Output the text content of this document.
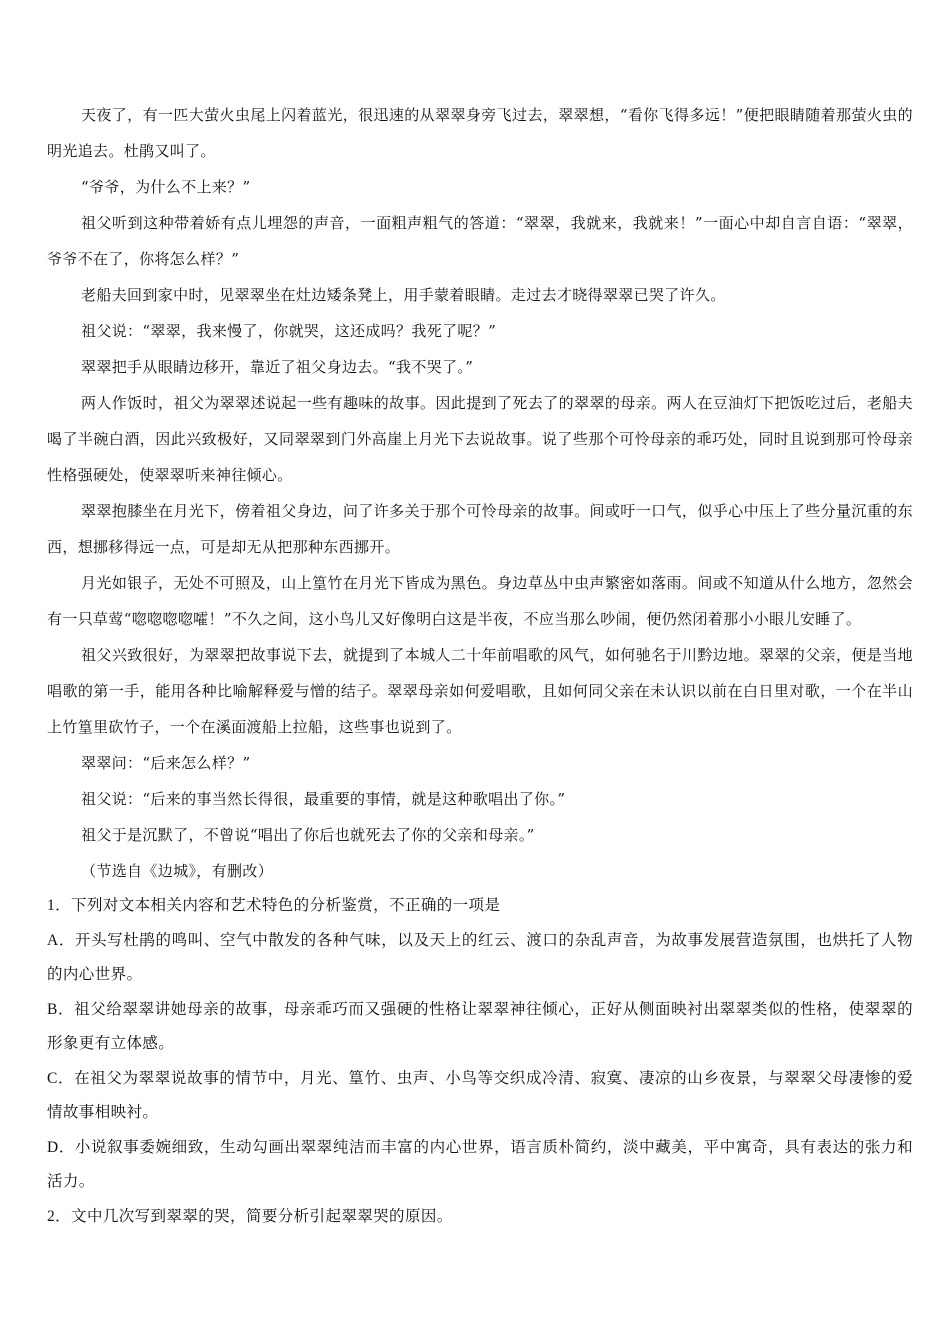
天夜了，有一匹大萤火虫尾上闪着蓝光，很迅速的从翠翠身旁飞过去，翠翠想，“看你飞得多远！”便把眼睛随着那萤火虫的明光追去。杜鹃又叫了。

“爷爷，为什么不上来？”

祖父听到这种带着娇有点儿埋怨的声音，一面粗声粗气的答道：“翠翠，我就来，我就来！”一面心中却自言自语：“翠翠，爷爷不在了，你将怎么样？”

老船夫回到家中时，见翠翠坐在灶边矮条凳上，用手蒙着眼睛。走过去才晓得翠翠已哭了许久。

祖父说：“翠翠，我来慢了，你就哭，这还成吗？我死了呢？”

翠翠把手从眼睛边移开，靠近了祖父身边去。“我不哭了。”

两人作饭时，祖父为翠翠述说起一些有趣味的故事。因此提到了死去了的翠翠的母亲。两人在豆油灯下把饭吃过后，老船夫喝了半碗白酒，因此兴致极好，又同翠翠到门外高崖上月光下去说故事。说了些那个可怜母亲的乖巧处，同时且说到那可怜母亲性格强硬处，使翠翠听来神往倾心。

翠翠抱膝坐在月光下，傍着祖父身边，问了许多关于那个可怜母亲的故事。间或吁一口气，似乎心中压上了些分量沉重的东西，想挪移得远一点，可是却无从把那种东西挪开。

月光如银子，无处不可照及，山上篁竹在月光下皆成为黑色。身边草丛中虫声繁密如落雨。间或不知道从什么地方，忽然会有一只草莺“唿唿唿唿嚯！”不久之间，这小鸟儿又好像明白这是半夜，不应当那么吵闹，便仍然闭着那小小眼儿安睡了。

祖父兴致很好，为翠翠把故事说下去，就提到了本城人二十年前唱歌的风气，如何驰名于川黔边地。翠翠的父亲，便是当地唱歌的第一手，能用各种比喻解释爱与憎的结子。翠翠母亲如何爱唱歌，且如何同父亲在未认识以前在白日里对歌，一个在半山上竹篁里砍竹子，一个在溪面渡船上拉船，这些事也说到了。

翠翠问：“后来怎么样？”

祖父说：“后来的事当然长得很，最重要的事情，就是这种歌唱出了你。”

祖父于是沉默了，不曾说“唱出了你后也就死去了你的父亲和母亲。”

（节选自《边城》，有删改）

1．下列对文本相关内容和艺术特色的分析鉴赏，不正确的一项是

A．开头写杜鹃的鸣叫、空气中散发的各种气味，以及天上的红云、渡口的杂乱声音，为故事发展营造氛围，也烘托了人物的内心世界。

B．祖父给翠翠讲她母亲的故事，母亲乖巧而又强硬的性格让翠翠神往倾心，正好从侧面映衬出翠翠类似的性格，使翠翠的形象更有立体感。

C．在祖父为翠翠说故事的情节中，月光、篁竹、虫声、小鸟等交织成冷清、寂寞、凄凉的山乡夜景，与翠翠父母凄惨的爱情故事相映衬。

D．小说叙事委婉细致，生动勾画出翠翠纯洁而丰富的内心世界，语言质朴简约，淡中藏美，平中寓奇，具有表达的张力和活力。

2．文中几次写到翠翠的哭，简要分析引起翠翠哭的原因。
